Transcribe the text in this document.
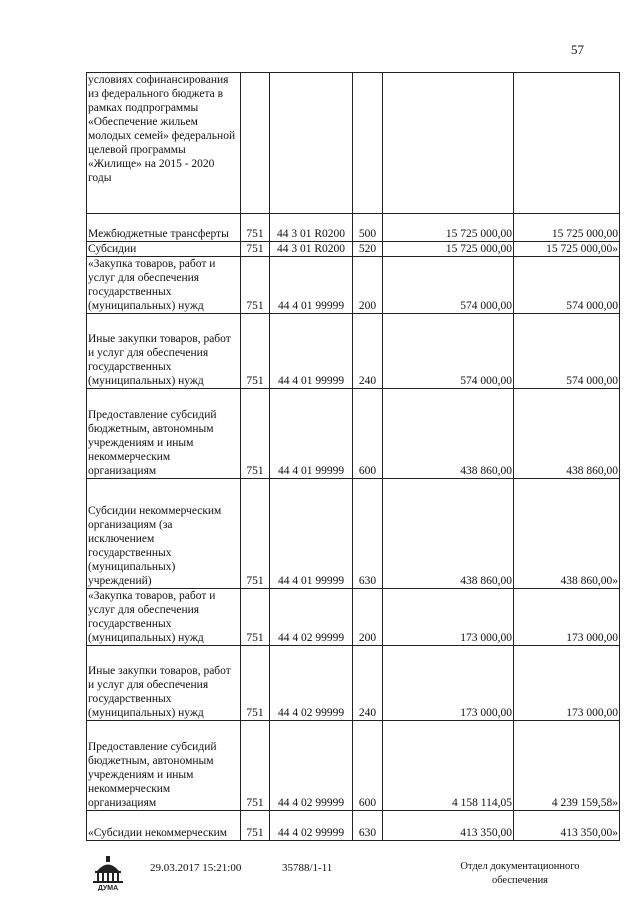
57
условиях софинансирования из федерального бюджета в рамках подпрограммы «Обеспечение жильем молодых семей» федеральной целевой программы «Жилище» на 2015 - 2020 годы					
Межбюджетные трансферты	751	44 3 01 R0200	500	15 725 000,00	15 725 000,00
Субсидии	751	44 3 01 R0200	520	15 725 000,00	15 725 000,00»
«Закупка товаров, работ и услуг для обеспечения государственных (муниципальных) нужд	751	44 4 01 99999	200	574 000,00	574 000,00
Иные закупки товаров, работ и услуг для обеспечения государственных (муниципальных) нужд	751	44 4 01 99999	240	574 000,00	574 000,00
Предоставление субсидий бюджетным, автономным учреждениям и иным некоммерческим организациям	751	44 4 01 99999	600	438 860,00	438 860,00
Субсидии некоммерческим организациям (за исключением государственных (муниципальных) учреждений)	751	44 4 01 99999	630	438 860,00	438 860,00»
«Закупка товаров, работ и услуг для обеспечения государственных (муниципальных) нужд	751	44 4 02 99999	200	173 000,00	173 000,00
Иные закупки товаров, работ и услуг для обеспечения государственных (муниципальных) нужд	751	44 4 02 99999	240	173 000,00	173 000,00
Предоставление субсидий бюджетным, автономным учреждениям и иным некоммерческим организациям	751	44 4 02 99999	600	4 158 114,05	4 239 159,58»
«Субсидии некоммерческим	751	44 4 02 99999	630	413 350,00	413 350,00»
ДУМА
29.03.2017 15:21:00	35788/1-11	Отдел документационного
обеспечения
